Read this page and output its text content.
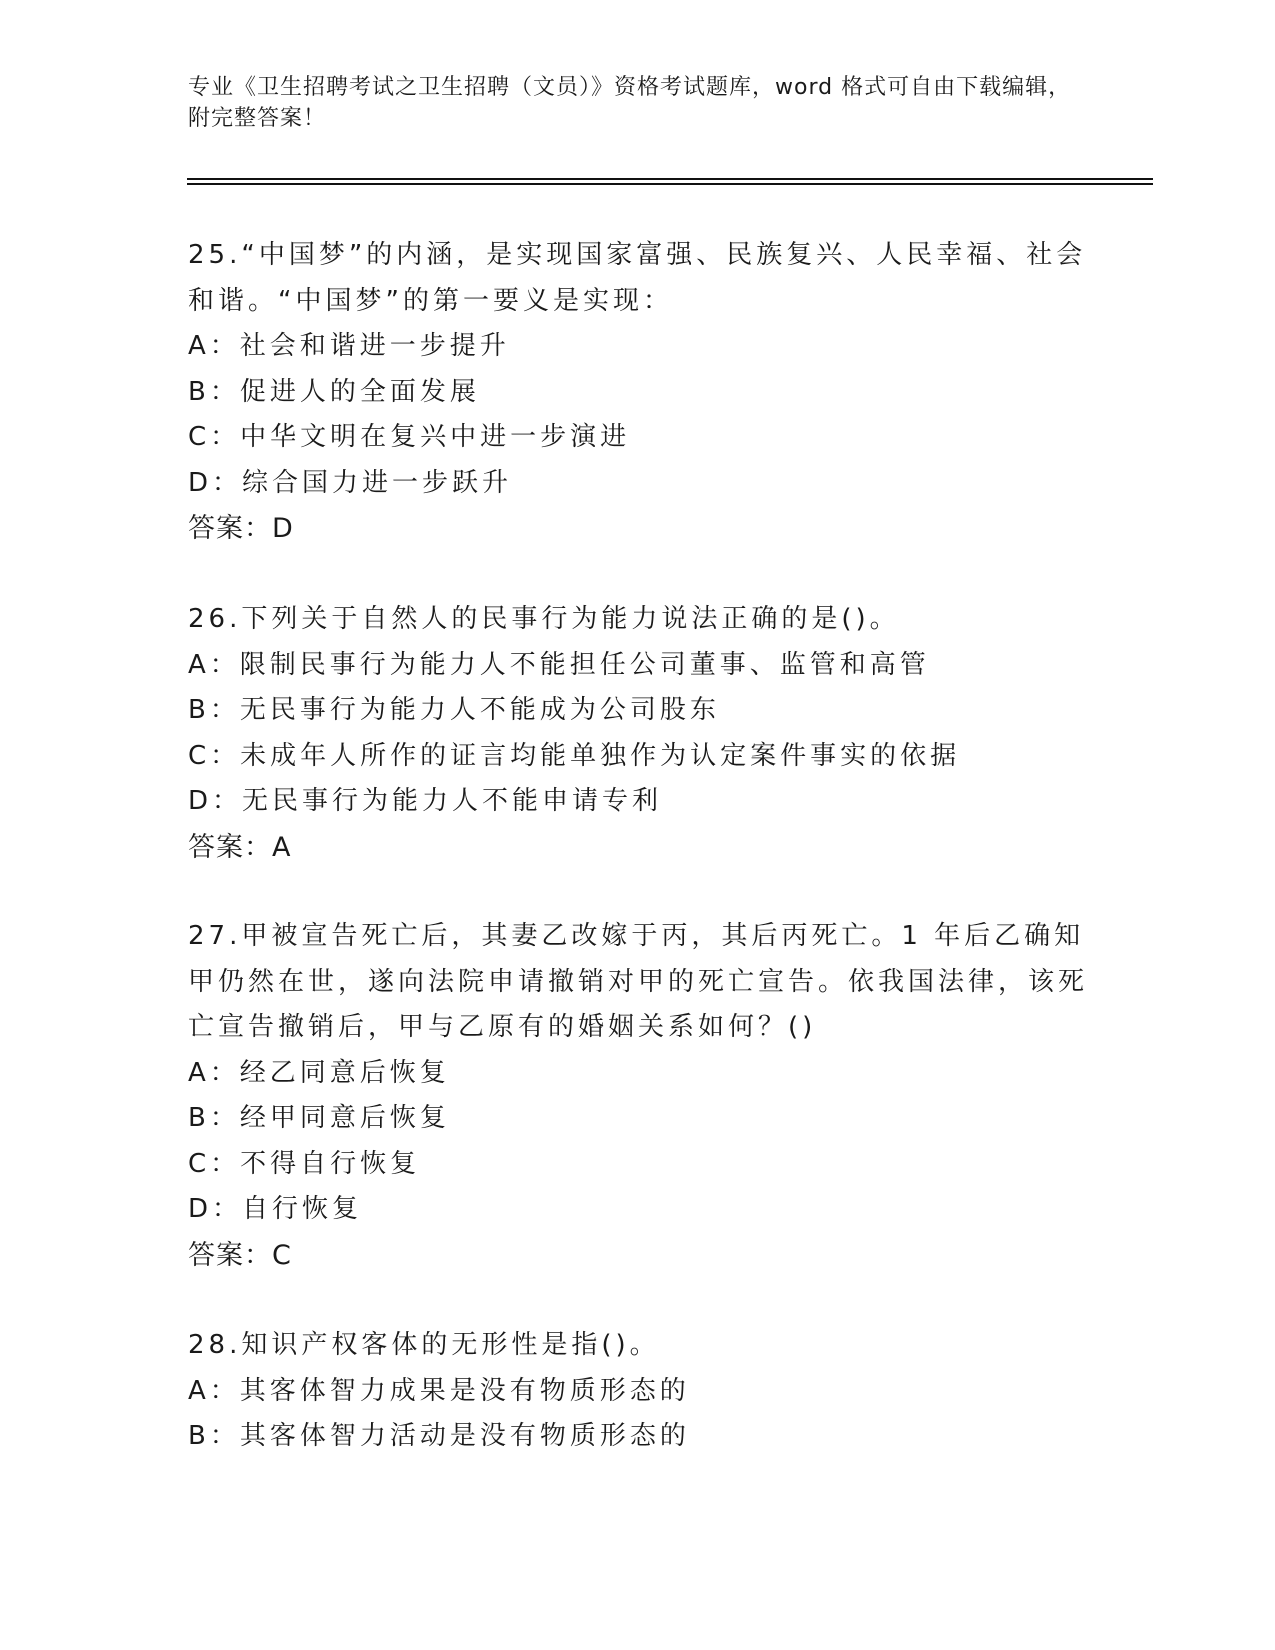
专业《卫生招聘考试之卫生招聘（文员）》资格考试题库，word 格式可自由下载编辑，附完整答案！
25.“中国梦”的内涵，是实现国家富强、民族复兴、人民幸福、社会和谐。“中国梦”的第一要义是实现：
A：社会和谐进一步提升
B：促进人的全面发展
C：中华文明在复兴中进一步演进
D：综合国力进一步跃升
答案：D
26.下列关于自然人的民事行为能力说法正确的是()。
A：限制民事行为能力人不能担任公司董事、监管和高管
B：无民事行为能力人不能成为公司股东
C：未成年人所作的证言均能单独作为认定案件事实的依据
D：无民事行为能力人不能申请专利
答案：A
27.甲被宣告死亡后，其妻乙改嫁于丙，其后丙死亡。1 年后乙确知甲仍然在世，遂向法院申请撤销对甲的死亡宣告。依我国法律，该死亡宣告撤销后，甲与乙原有的婚姻关系如何？()
A：经乙同意后恢复
B：经甲同意后恢复
C：不得自行恢复
D：自行恢复
答案：C
28.知识产权客体的无形性是指()。
A：其客体智力成果是没有物质形态的
B：其客体智力活动是没有物质形态的
